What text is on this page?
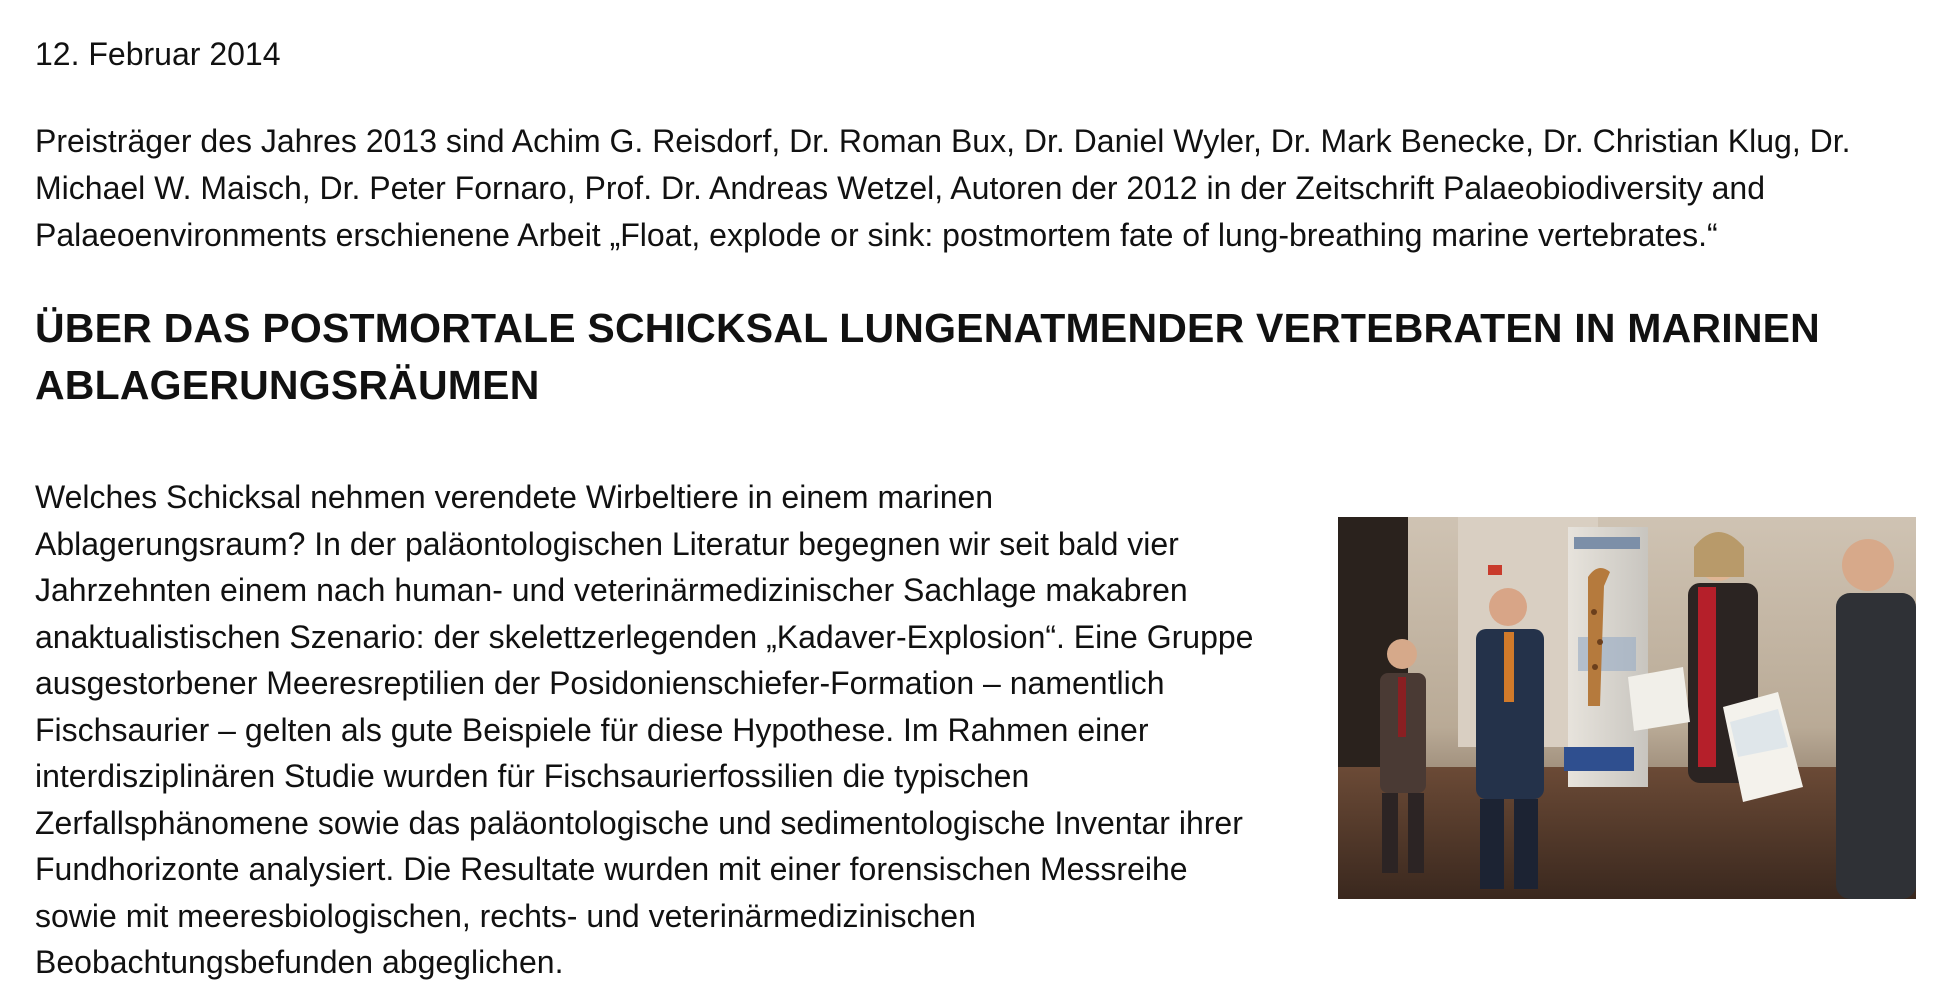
12. Februar 2014

Preisträger des Jahres 2013 sind Achim G. Reisdorf, Dr. Roman Bux, Dr. Daniel Wyler, Dr. Mark Benecke, Dr. Christian Klug, Dr.
Michael W. Maisch, Dr. Peter Fornaro, Prof. Dr. Andreas Wetzel, Autoren der 2012 in der Zeitschrift Palaeobiodiversity and
Palaeoenvironments erschienene Arbeit „Float, explode or sink: postmortem fate of lung-breathing marine vertebrates.“

ÜBER DAS POSTMORTALE SCHICKSAL LUNGENATMENDER VERTEBRATEN IN MARINEN
ABLAGERUNGSRÄUMEN

Welches Schicksal nehmen verendete Wirbeltiere in einem marinen
Ablagerungsraum? In der paläontologischen Literatur begegnen wir seit bald vier
Jahrzehnten einem nach human- und veterinärmedizinischer Sachlage makabren
anaktualistischen Szenario: der skelettzerlegenden „Kadaver-Explosion“. Eine Gruppe
ausgestorbener Meeresreptilien der Posidonienschiefer-Formation – namentlich
Fischsaurier – gelten als gute Beispiele für diese Hypothese. Im Rahmen einer
interdisziplinären Studie wurden für Fischsaurierfossilien die typischen
Zerfallsphänomene sowie das paläontologische und sedimentologische Inventar ihrer
Fundhorizonte analysiert. Die Resultate wurden mit einer forensischen Messreihe
sowie mit meeresbiologischen, rechts- und veterinärmedizinischen
Beobachtungsbefunden abgeglichen.
